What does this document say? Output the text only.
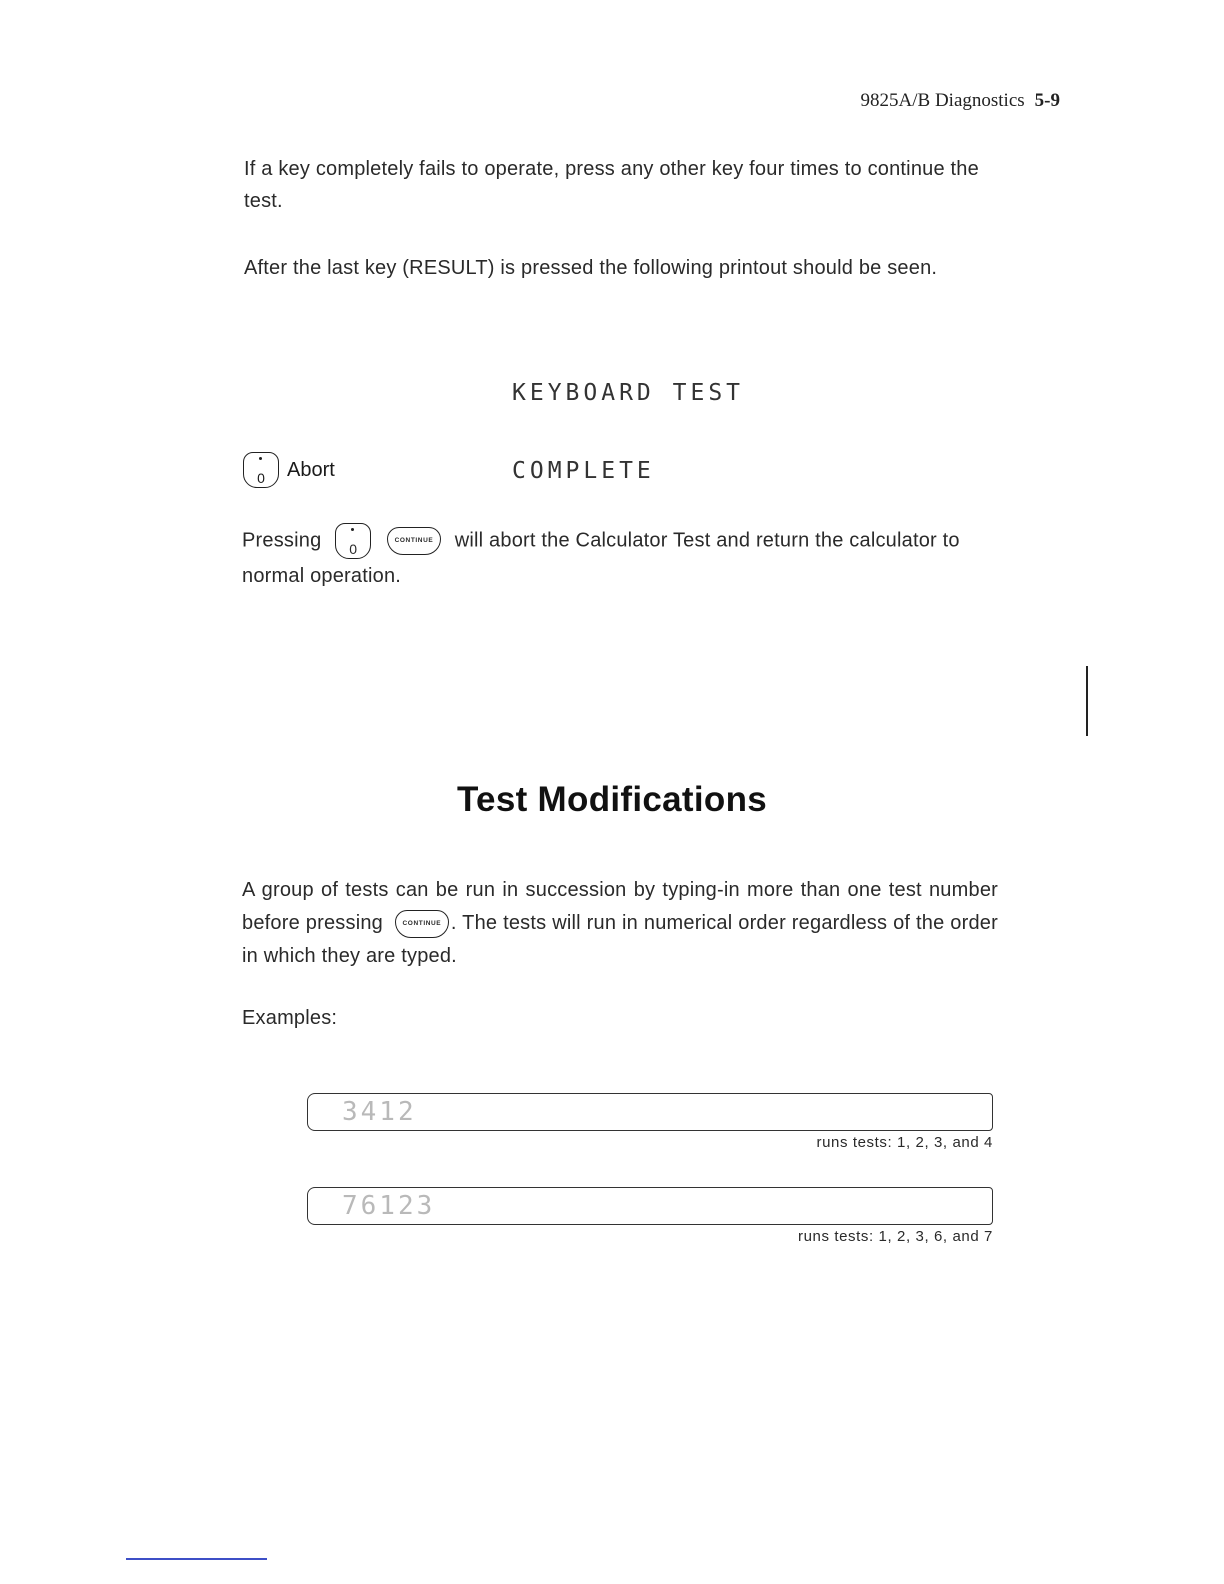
9825A/B Diagnostics 5-9
If a key completely fails to operate, press any other key four times to continue the test.
After the last key (RESULT) is pressed the following printout should be seen.

KEYBOARD TEST

COMPLETE

0	Abort
Pressing	0

CONTINUE	will abort the Calculator Test and return the calculator to normal operation.
Test Modifications
A group of tests can be run in succession by typing-in more than one test number before pressing	CONTINUE . The tests will run in numerical order regardless of the order in which they are typed.
Examples:
3412
runs tests: 1, 2, 3, and 4
76123
runs tests: 1, 2, 3, 6, and 7
